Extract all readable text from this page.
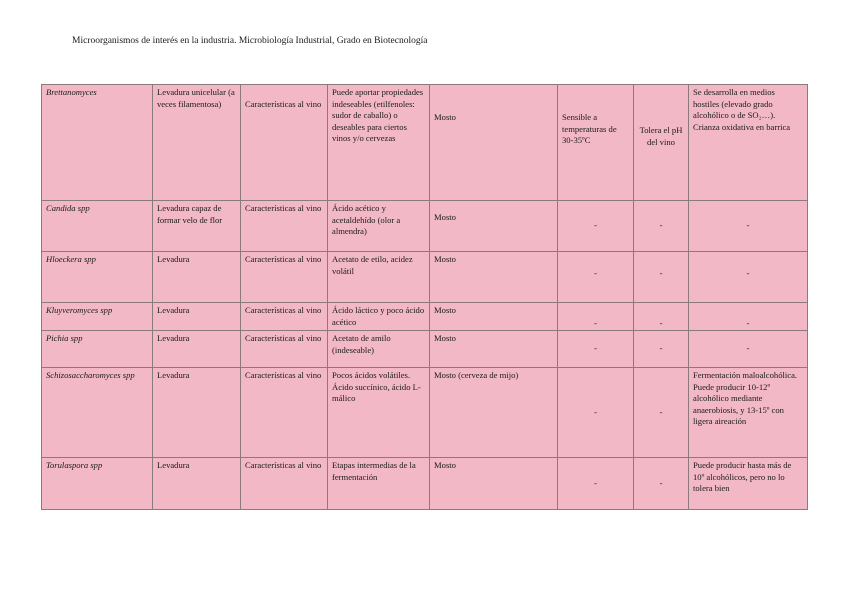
Microorganismos de interés en la industria. Microbiología Industrial, Grado en Biotecnología
Brettanomyces	Levadura unicelular (a veces filamentosa)	Características al vino	Puede aportar propiedades indeseables (etilfenoles: sudor de caballo) o deseables para ciertos vinos y/o cervezas	Mosto	Sensible a temperaturas de 30-35ºC	Tolera el pH del vino	Se desarrolla en medios hostiles (elevado grado alcohólico o de SO₂…). Crianza oxidativa en barrica
Candida spp	Levadura capaz de formar velo de flor	Características al vino	Ácido acético y acetaldehído (olor a almendra)	Mosto	-	-	-
Hloeckera spp	Levadura	Características al vino	Acetato de etilo, acidez volátil	Mosto	-	-	-
Kluyveromyces spp	Levadura	Características al vino	Ácido láctico y poco ácido acético	Mosto	-	-	-
Pichia spp	Levadura	Características al vino	Acetato de amilo (indeseable)	Mosto	-	-	-
Schizosaccharomyces spp	Levadura	Características al vino	Pocos ácidos volátiles. Ácido succínico, ácido L-málico	Mosto (cerveza de mijo)	-	-	Fermentación maloalcohólica. Puede producir 10-12º alcohólico mediante anaerobiosis, y 13-15º con ligera aireación
Torulaspora spp	Levadura	Características al vino	Etapas intermedias de la fermentación	Mosto	-	-	Puede producir hasta más de 10º alcohólicos, pero no lo tolera bien
